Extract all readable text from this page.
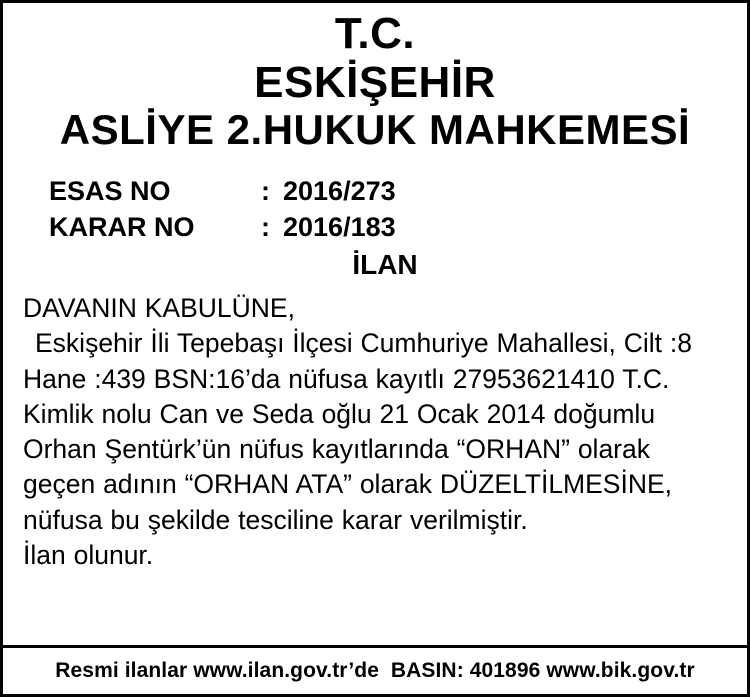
T.C.
ESKİŞEHİR
ASLİYE 2.HUKUK MAHKEMESİ
ESAS NO	: 2016/273
KARAR NO	: 2016/183
İLAN

DAVANIN KABULÜNE,

Eskişehir İli Tepebaşı İlçesi Cumhuriye Mahallesi, Cilt :8 Hane :439 BSN:16’da nüfusa kayıtlı 27953621410 T.C. Kimlik nolu Can ve Seda oğlu 21 Ocak 2014 doğumlu Orhan Şentürk’ün nüfus kayıtlarında “ORHAN” olarak geçen adının “ORHAN ATA” olarak DÜZELTİLMESİNE, nüfusa bu şekilde tesciline karar verilmiştir.

İlan olunur.

Resmi ilanlar www.ilan.gov.tr’de
BASIN: 401896 www.bik.gov.tr
